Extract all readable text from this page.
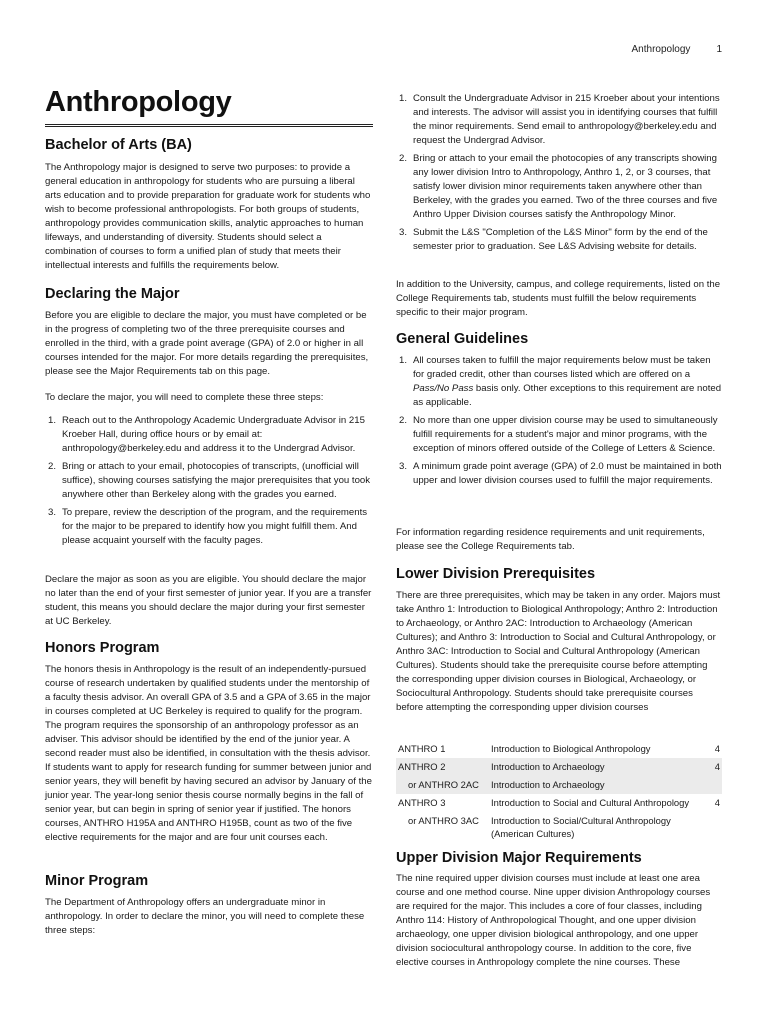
Anthropology	1
Anthropology
Bachelor of Arts (BA)

The Anthropology major is designed to serve two purposes: to provide a general education in anthropology for students who are pursuing a liberal arts education and to provide preparation for graduate work for students who wish to become professional anthropologists. For both groups of students, anthropology provides communication skills, analytic approaches to human lifeways, and understanding of diversity. Students should select a combination of courses to form a unified plan of study that meets their intellectual interests and fulfills the requirements below.

Declaring the Major

Before you are eligible to declare the major, you must have completed or be in the progress of completing two of the three prerequisite courses and enrolled in the third, with a grade point average (GPA) of 2.0 or higher in all courses intended for the major. For more details regarding the prerequisites, please see the Major Requirements tab on this page.

To declare the major, you will need to complete these three steps:

1. Reach out to the Anthropology Academic Undergraduate Advisor in 215 Kroeber Hall, during office hours or by email at: anthropology@berkeley.edu and address it to the Undergrad Advisor.
2. Bring or attach to your email, photocopies of transcripts, (unofficial will suffice), showing courses satisfying the major prerequisites that you took anywhere other than Berkeley along with the grades you earned.
3. To prepare, review the description of the program, and the requirements for the major to be prepared to identify how you might fulfill them. And please acquaint yourself with the faculty pages.

Declare the major as soon as you are eligible. You should declare the major no later than the end of your first semester of junior year. If you are a transfer student, this means you should declare the major during your first semester at UC Berkeley.

Honors Program

The honors thesis in Anthropology is the result of an independently-pursued course of research undertaken by qualified students under the mentorship of a faculty thesis advisor. An overall GPA of 3.5 and a GPA of 3.65 in the major in courses completed at UC Berkeley is required to qualify for the program. The program requires the sponsorship of an anthropology professor as an adviser. This advisor should be identified by the end of the junior year. A second reader must also be identified, in consultation with the thesis advisor. If students want to apply for research funding for summer between junior and senior years, they will benefit by having secured an advisor by January of the junior year. The year-long senior thesis course normally begins in the fall of senior year, but can begin in spring of senior year if justified. The honors courses, ANTHRO H195A and ANTHRO H195B, count as two of the five elective requirements for the major and are four unit courses each.

Minor Program

The Department of Anthropology offers an undergraduate minor in anthropology. In order to declare the minor, you will need to complete these three steps:

1. Consult the Undergraduate Advisor in 215 Kroeber about your intentions and interests. The advisor will assist you in identifying courses that fulfill the minor requirements. Send email to anthropology@berkeley.edu and request the Undergrad Advisor.
2. Bring or attach to your email the photocopies of any transcripts showing any lower division Intro to Anthropology, Anthro 1, 2, or 3 courses, that satisfy lower division minor requirements taken anywhere other than Berkeley, with the grades you earned. Two of the three courses and five Anthro Upper Division courses satisfy the Anthropology Minor.
3. Submit the L&S "Completion of the L&S Minor" form by the end of the semester prior to graduation. See L&S Advising website for details.

In addition to the University, campus, and college requirements, listed on the College Requirements tab, students must fulfill the below requirements specific to their major program.

General Guidelines
1. All courses taken to fulfill the major requirements below must be taken for graded credit, other than courses listed which are offered on a Pass/No Pass basis only. Other exceptions to this requirement are noted as applicable.
2. No more than one upper division course may be used to simultaneously fulfill requirements for a student's major and minor programs, with the exception of minors offered outside of the College of Letters & Science.
3. A minimum grade point average (GPA) of 2.0 must be maintained in both upper and lower division courses used to fulfill the major requirements.

For information regarding residence requirements and unit requirements, please see the College Requirements tab.

Lower Division Prerequisites

There are three prerequisites, which may be taken in any order. Majors must take Anthro 1: Introduction to Biological Anthropology; Anthro 2: Introduction to Archaeology, or Anthro 2AC: Introduction to Archaeology (American Cultures); and Anthro 3: Introduction to Social and Cultural Anthropology, or Anthro 3AC: Introduction to Social and Cultural Anthropology (American Cultures). Students should take the prerequisite course before attempting the corresponding upper division courses in Biological, Archaeology, or Sociocultural Anthropology. Students should take prerequisite courses before attempting the corresponding upper division courses

ANTHRO 1	Introduction to Biological Anthropology	4
ANTHRO 2	Introduction to Archaeology	4
or ANTHRO 2AC	Introduction to Archaeology	
ANTHRO 3	Introduction to Social and Cultural Anthropology	4
or ANTHRO 3AC	Introduction to Social/Cultural Anthropology (American Cultures)	
Upper Division Major Requirements

The nine required upper division courses must include at least one area course and one method course. Nine upper division Anthropology courses are required for the major. This includes a core of four classes, including Anthro 114: History of Anthropological Thought, and one upper division archaeology, one upper division biological anthropology, and one upper division sociocultural anthropology course. In addition to the core, five elective courses in Anthropology complete the nine courses. These
